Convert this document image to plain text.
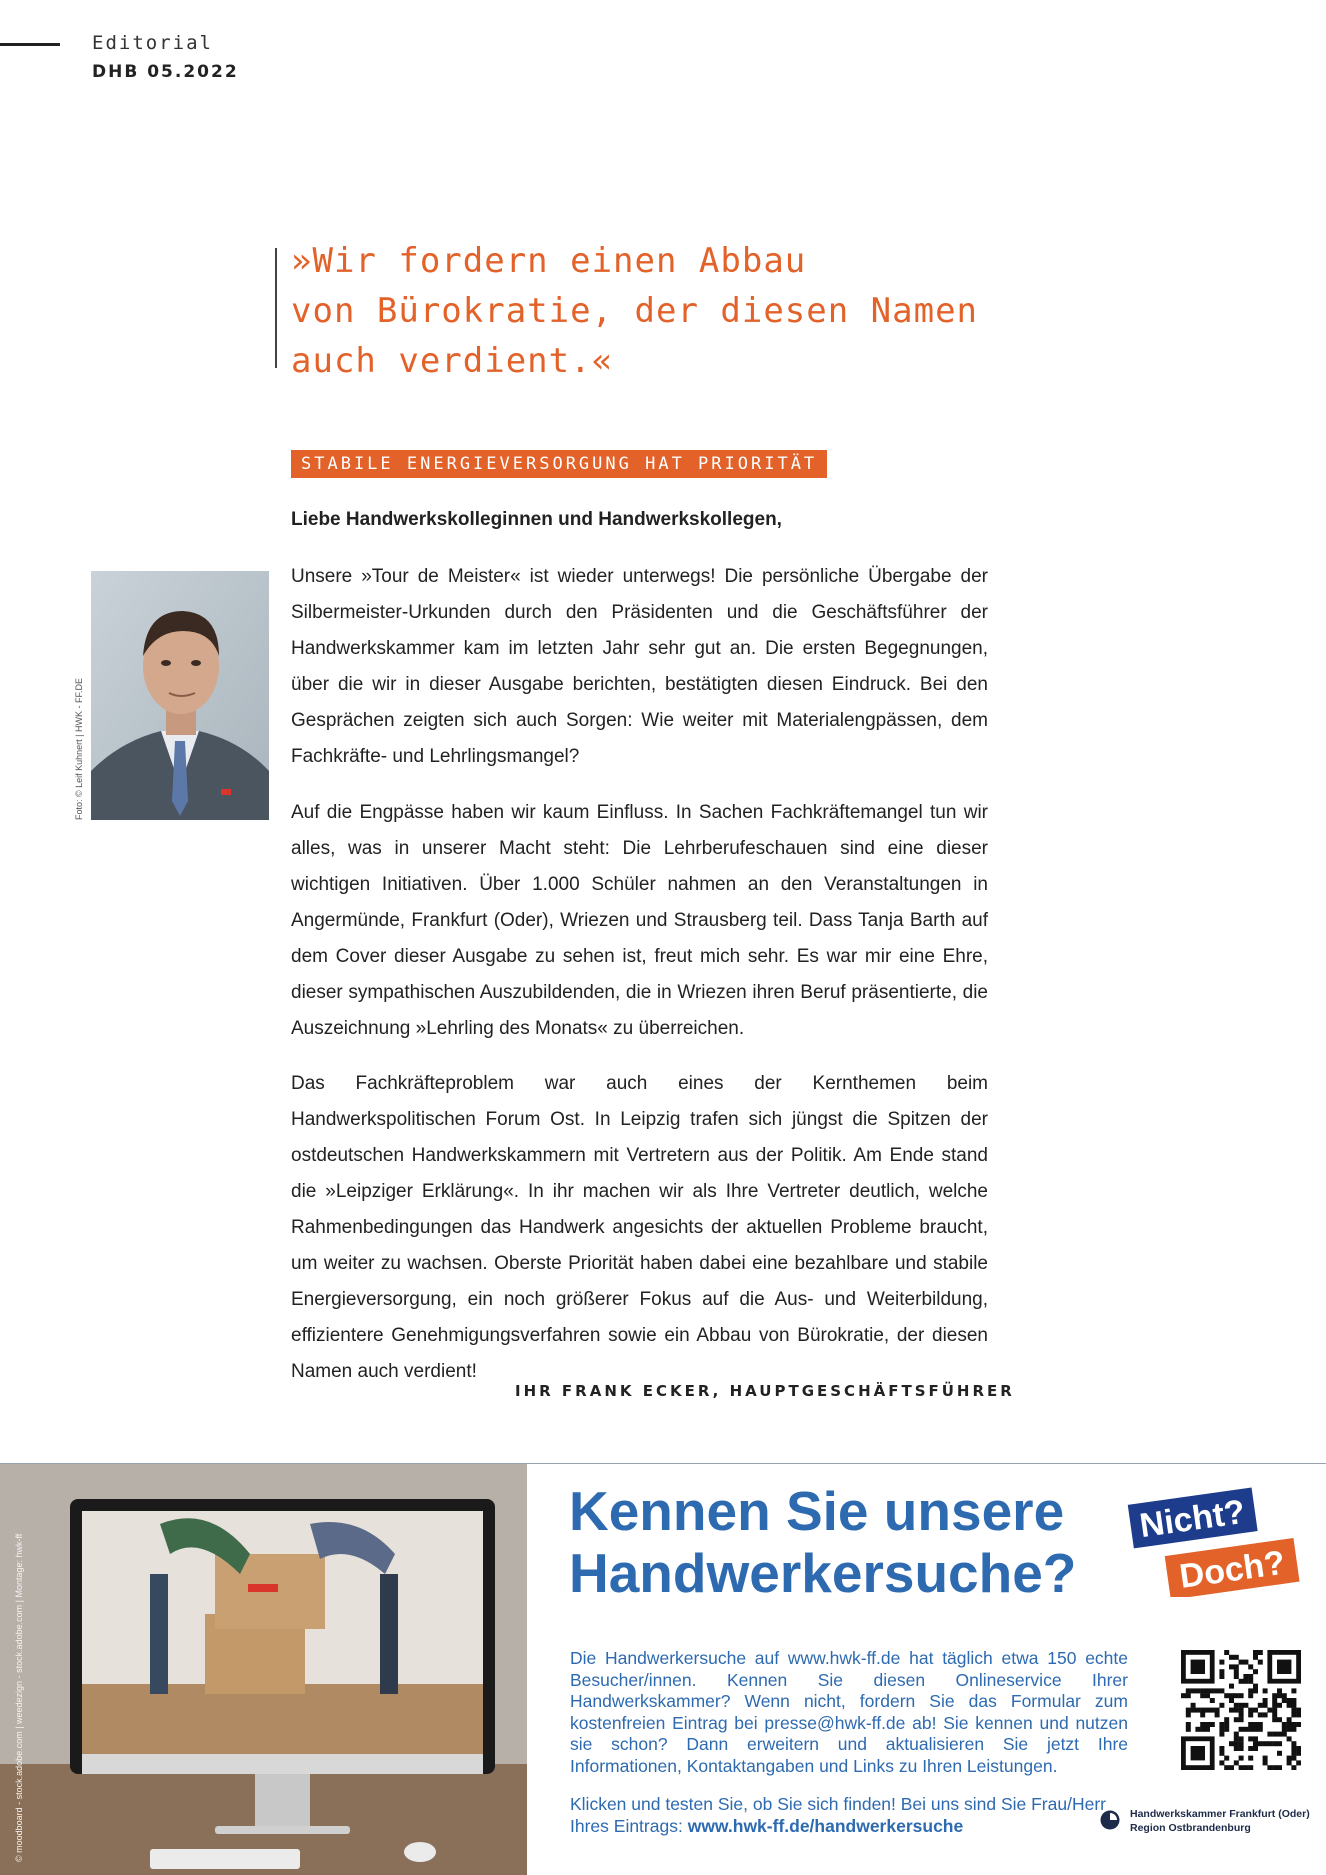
Editorial
DHB 05.2022
»Wir fordern einen Abbau
von Bürokratie, der diesen Namen
auch verdient.«
STABILE ENERGIEVERSORGUNG HAT PRIORITÄT
Liebe Handwerkskolleginnen und Handwerkskollegen,

Unsere »Tour de Meister« ist wieder unterwegs! Die persönliche Übergabe der Silbermeister-Urkunden durch den Präsidenten und die Geschäftsführer der Handwerkskammer kam im letzten Jahr sehr gut an. Die ersten Begegnungen, über die wir in dieser Ausgabe berichten, bestätigten diesen Eindruck. Bei den Gesprächen zeigten sich auch Sorgen: Wie weiter mit Materialengpässen, dem Fachkräfte- und Lehrlingsmangel?

Auf die Engpässe haben wir kaum Einfluss. In Sachen Fachkräftemangel tun wir alles, was in unserer Macht steht: Die Lehrberufeschauen sind eine dieser wichtigen Initiativen. Über 1.000 Schüler nahmen an den Veranstaltungen in Angermünde, Frankfurt (Oder), Wriezen und Strausberg teil. Dass Tanja Barth auf dem Cover dieser Ausgabe zu sehen ist, freut mich sehr. Es war mir eine Ehre, dieser sympathischen Auszubildenden, die in Wriezen ihren Beruf präsentierte, die Auszeichnung »Lehrling des Monats« zu überreichen.

Das Fachkräfteproblem war auch eines der Kernthemen beim Handwerkspolitischen Forum Ost. In Leipzig trafen sich jüngst die Spitzen der ostdeutschen Handwerkskammern mit Vertretern aus der Politik. Am Ende stand die »Leipziger Erklärung«. In ihr machen wir als Ihre Vertreter deutlich, welche Rahmenbedingungen das Handwerk angesichts der aktuellen Probleme braucht, um weiter zu wachsen. Oberste Priorität haben dabei eine bezahlbare und stabile Energieversorgung, ein noch größerer Fokus auf die Aus- und Weiterbildung, effizientere Genehmigungsverfahren sowie ein Abbau von Bürokratie, der diesen Namen auch verdient!

IHR FRANK ECKER, HAUPTGESCHÄFTSFÜHRER
Foto: © Leif Kuhnert | HWK - FF.DE
© moodboard - stock.adobe.com | weedezign - stock.adobe.com | Montage: hwk-ff
Kennen Sie unsere
Handwerkersuche?
Nicht?
Doch?

Die Handwerkersuche auf www.hwk-ff.de hat täglich etwa 150 echte Besucher/innen. Kennen Sie diesen Onlineservice Ihrer Handwerkskammer? Wenn nicht, fordern Sie das Formular zum kostenfreien Eintrag bei presse@hwk-ff.de ab! Sie kennen und nutzen sie schon? Dann erweitern und aktualisieren Sie jetzt Ihre Informationen, Kontaktangaben und Links zu Ihren Leistungen.

Klicken und testen Sie, ob Sie sich finden! Bei uns sind Sie Frau/Herr Ihres Eintrags: www.hwk-ff.de/handwerkersuche

Handwerkskammer Frankfurt (Oder)
Region Ostbrandenburg
